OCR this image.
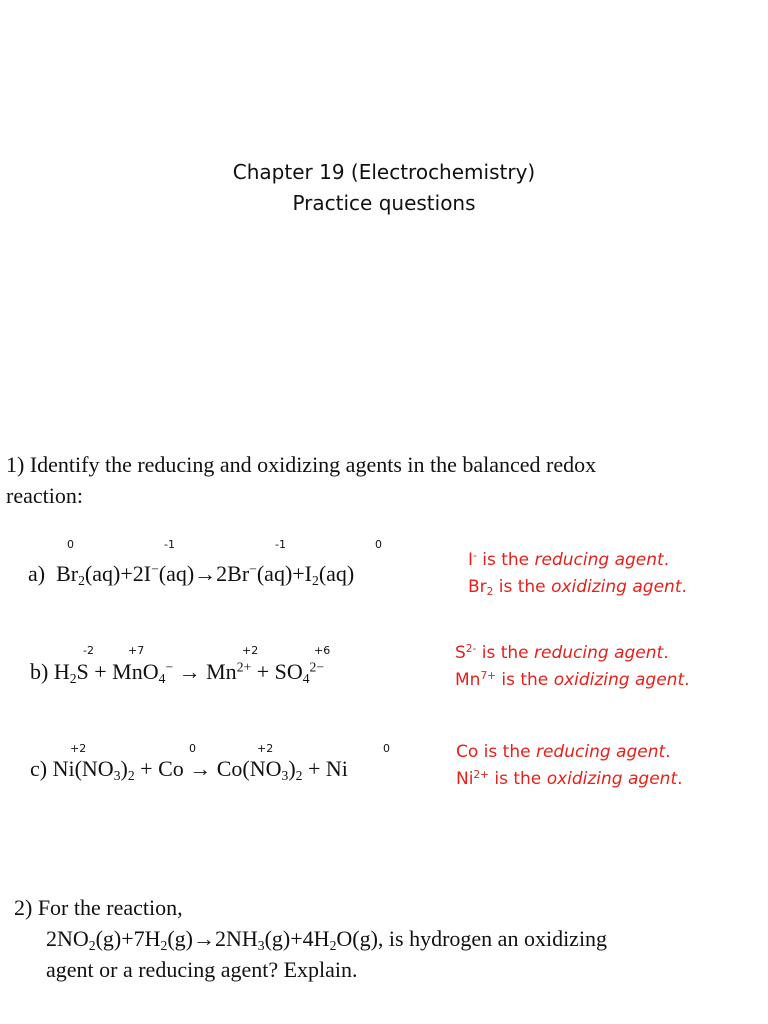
Chapter 19 (Electrochemistry)
Practice questions
1) Identify the reducing and oxidizing agents in the balanced redox
reaction:
0	-1	-1	0
a)  $Br_2(aq)+2I^-(aq)\to 2Br^-(aq)+I_2(aq)$
I- is the reducing agent.
$Br_2$ is the oxidizing agent.
-2	+7	+2	+6
b) $H_2S + MnO_4^- \to Mn^{2+} + SO_4^{2-}$
$S^{2-}$ is the reducing agent.
$Mn^{7+}$ is the oxidizing agent.
+2	0	+2	0
c) $Ni(NO_3)_2 + Co \to Co(NO_3)_2 + Ni$
Co is the reducing agent.
$Ni^{2+}$ is the oxidizing agent.
2) For the reaction,
$2NO_2(g)+7H_2(g)\to 2NH_3(g)+4H_2O(g)$, is hydrogen an oxidizing
agent or a reducing agent? Explain.
